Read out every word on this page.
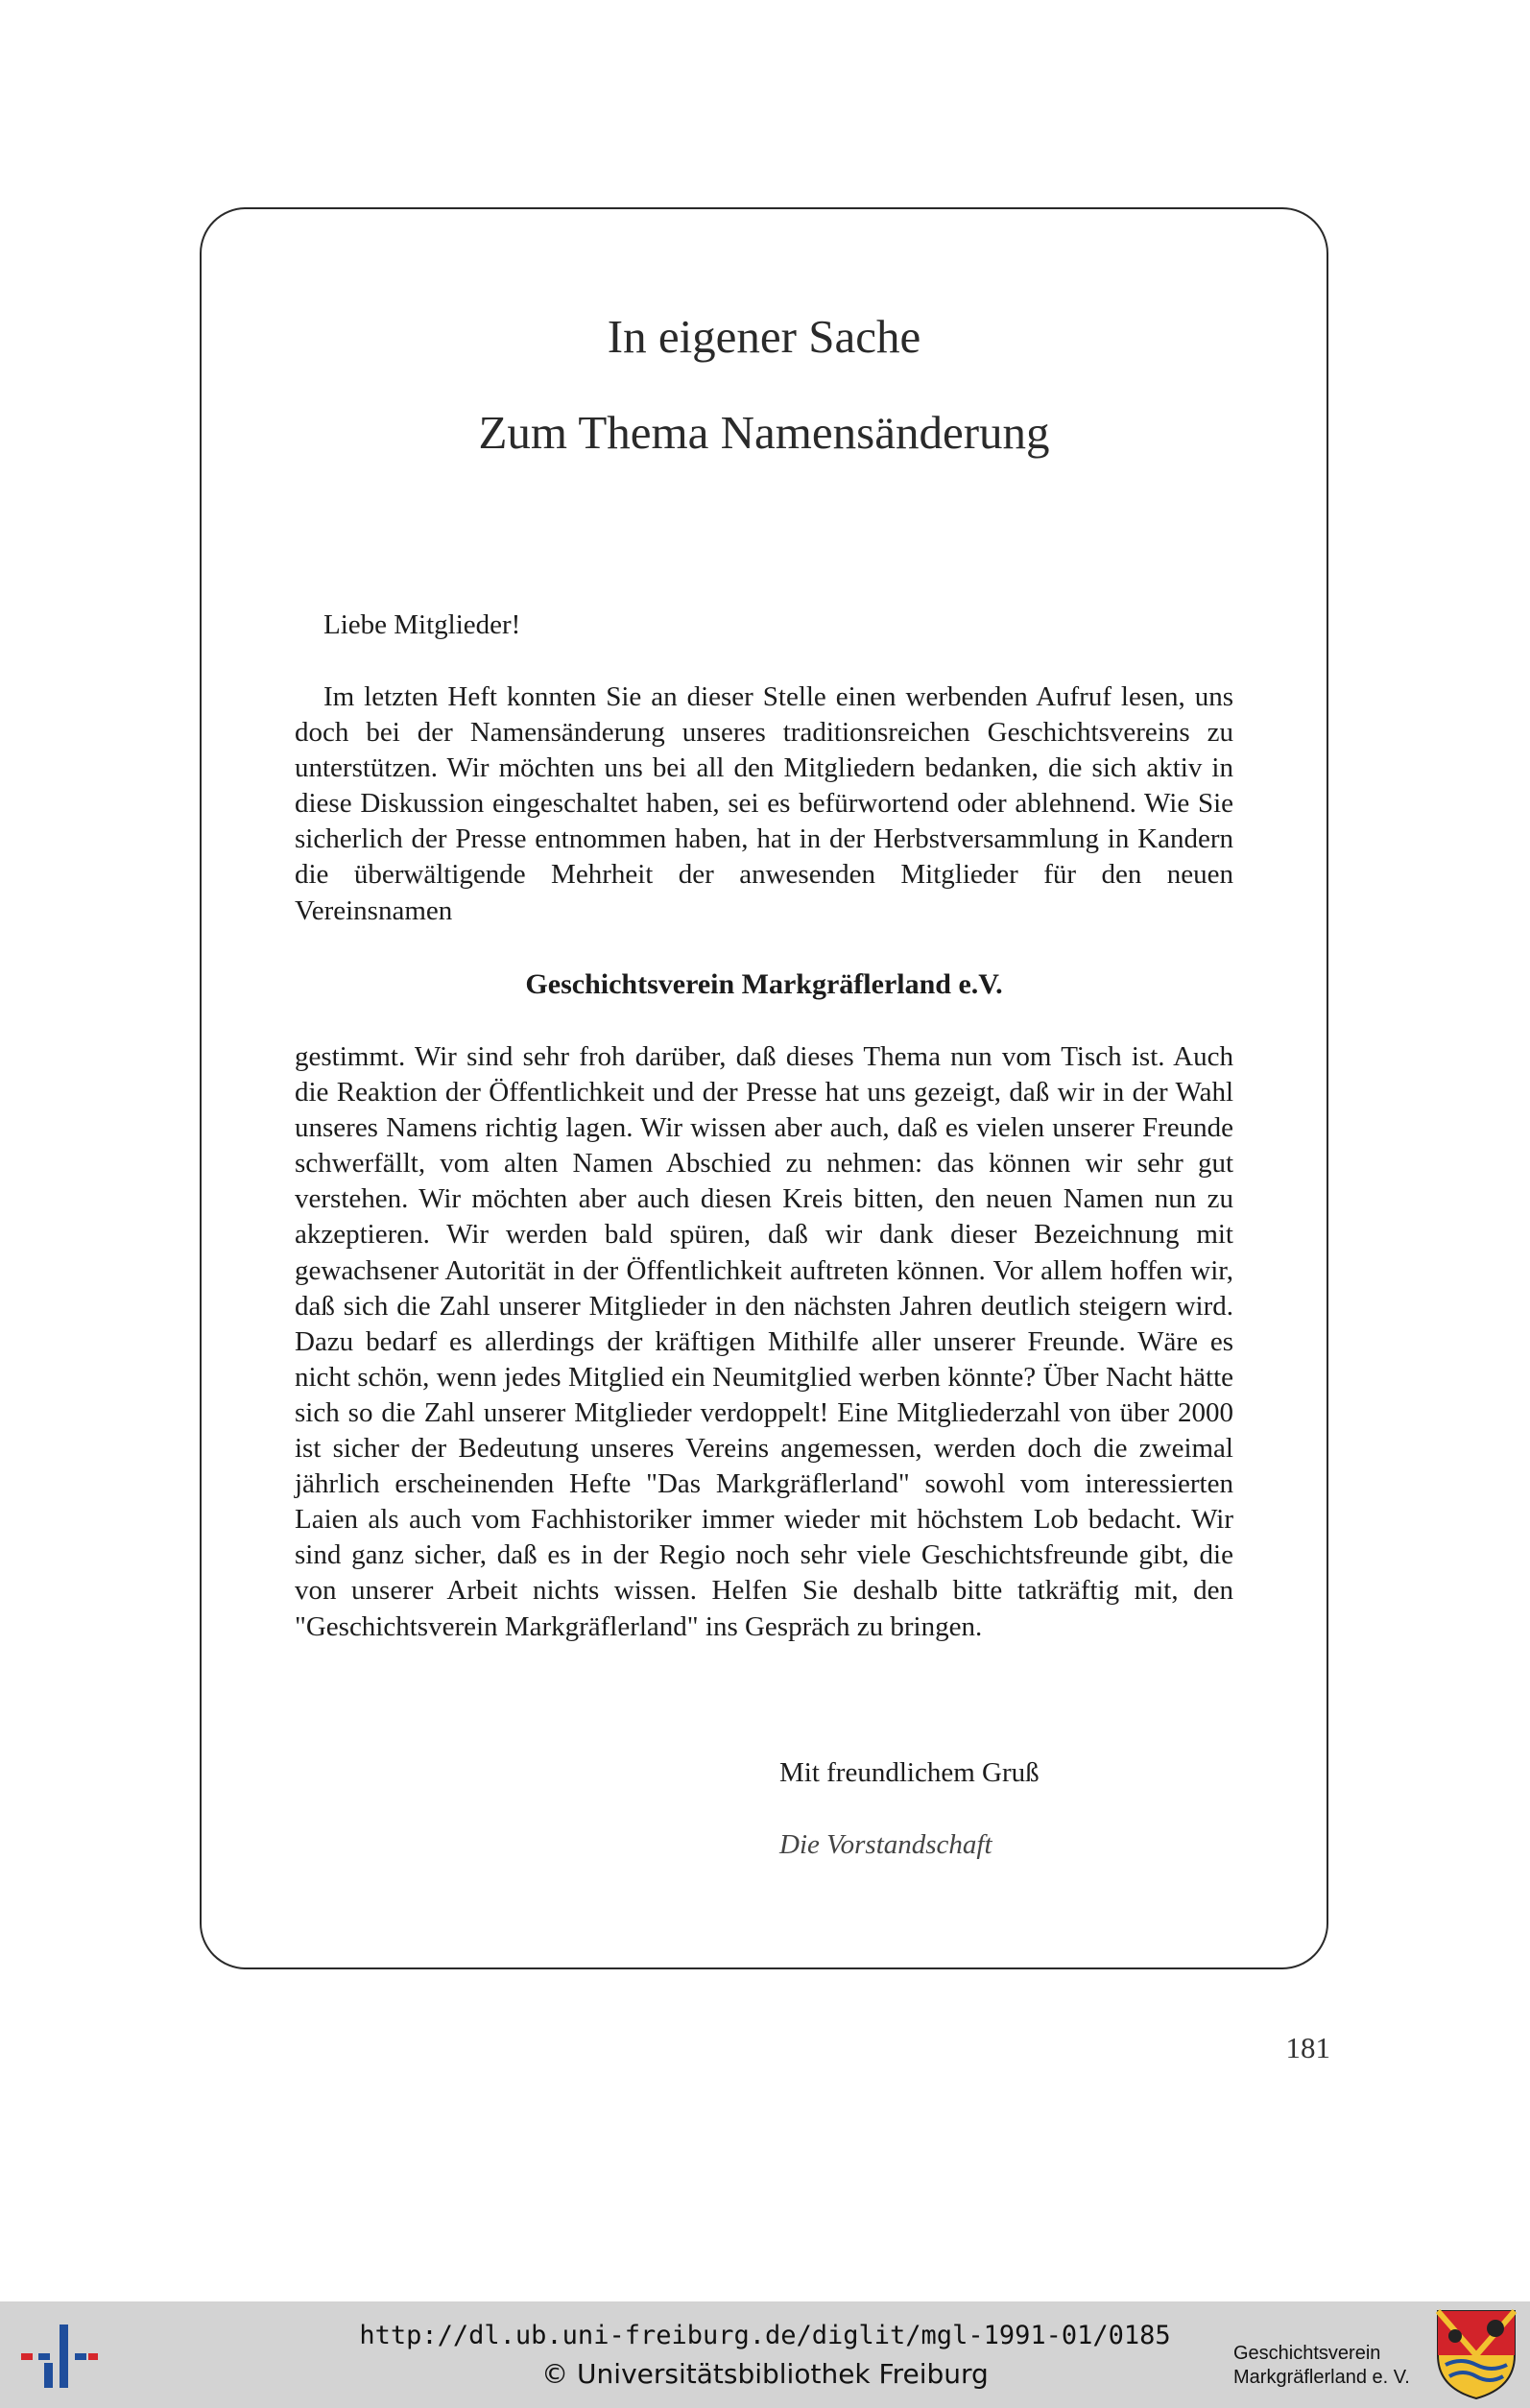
In eigener Sache
Zum Thema Namensänderung
Liebe Mitglieder!
Im letzten Heft konnten Sie an dieser Stelle einen werbenden Aufruf lesen, uns doch bei der Namensänderung unseres traditionsreichen Geschichtsvereins zu unterstützen. Wir möchten uns bei all den Mitgliedern bedanken, die sich aktiv in diese Diskussion eingeschaltet haben, sei es befürwortend oder ablehnend. Wie Sie sicherlich der Presse entnommen haben, hat in der Herbstversammlung in Kandern die überwältigende Mehrheit der anwesenden Mitglieder für den neuen Vereinsnamen
Geschichtsverein Markgräflerland e.V.
gestimmt. Wir sind sehr froh darüber, daß dieses Thema nun vom Tisch ist. Auch die Reaktion der Öffentlichkeit und der Presse hat uns gezeigt, daß wir in der Wahl unseres Namens richtig lagen. Wir wissen aber auch, daß es vielen unserer Freunde schwerfällt, vom alten Namen Abschied zu nehmen: das können wir sehr gut verstehen. Wir möchten aber auch diesen Kreis bitten, den neuen Namen nun zu akzeptieren. Wir werden bald spüren, daß wir dank dieser Bezeichnung mit gewachsener Autorität in der Öffentlichkeit auftreten können. Vor allem hoffen wir, daß sich die Zahl unserer Mitglieder in den nächsten Jahren deutlich steigern wird. Dazu bedarf es allerdings der kräftigen Mithilfe aller unserer Freunde. Wäre es nicht schön, wenn jedes Mitglied ein Neumitglied werben könnte? Über Nacht hätte sich so die Zahl unserer Mitglieder verdoppelt! Eine Mitgliederzahl von über 2000 ist sicher der Bedeutung unseres Vereins angemessen, werden doch die zweimal jährlich erscheinenden Hefte "Das Markgräflerland" sowohl vom interessierten Laien als auch vom Fachhistoriker immer wieder mit höchstem Lob bedacht. Wir sind ganz sicher, daß es in der Regio noch sehr viele Geschichtsfreunde gibt, die von unserer Arbeit nichts wissen. Helfen Sie deshalb bitte tatkräftig mit, den "Geschichtsverein Markgräflerland" ins Gespräch zu bringen.
Mit freundlichem Gruß
Die Vorstandschaft
181
http://dl.ub.uni-freiburg.de/diglit/mgl-1991-01/0185
© Universitätsbibliothek Freiburg
Geschichtsverein
Markgräflerland e. V.
